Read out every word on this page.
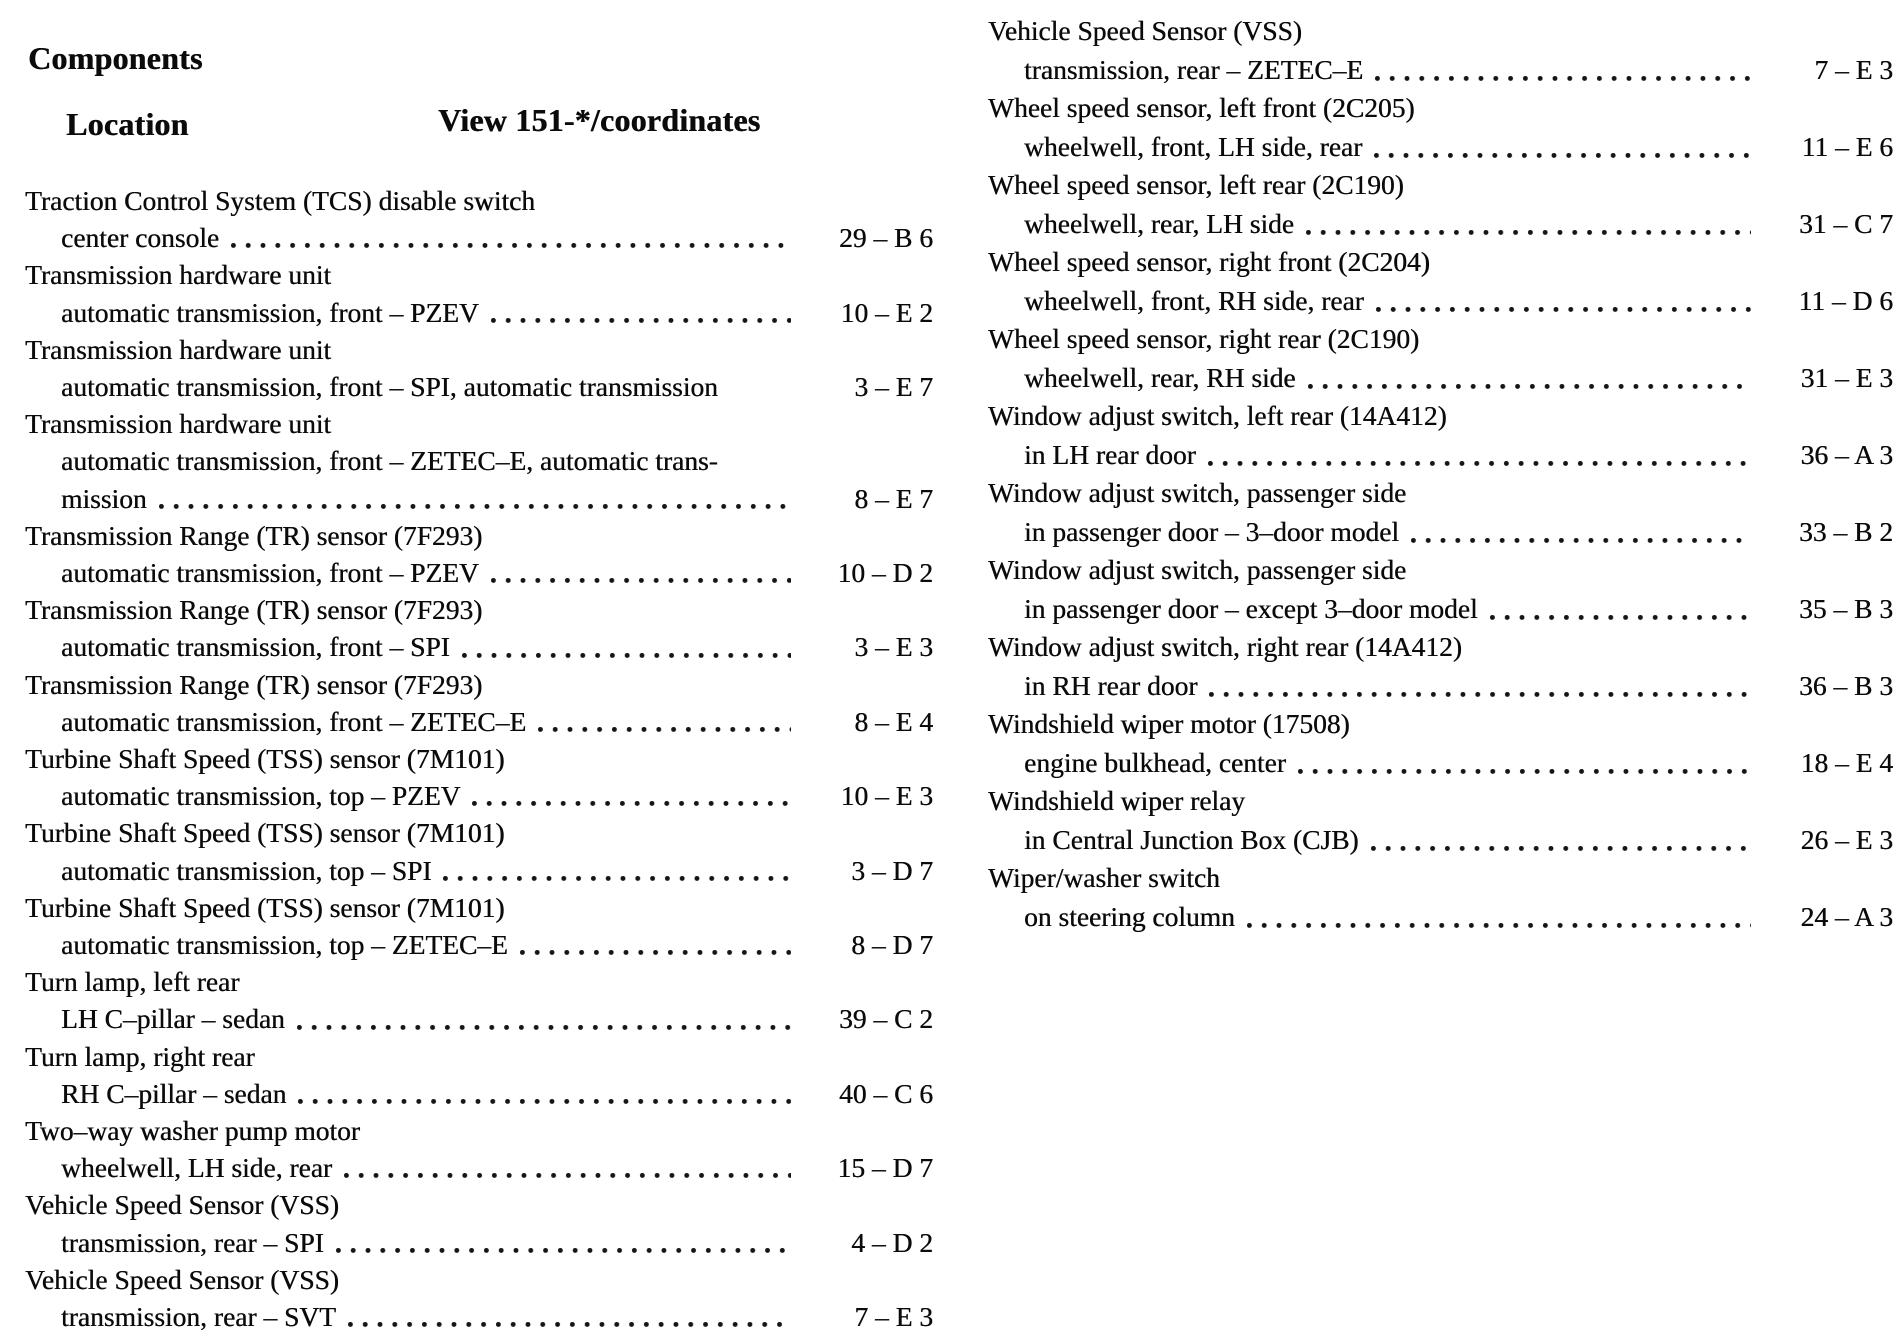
Components
Location	View 151-*/coordinates
Traction Control System (TCS) disable switch
center console	29 – B 6
Transmission hardware unit
automatic transmission, front – PZEV	10 – E 2
Transmission hardware unit
automatic transmission, front – SPI, automatic transmission	3 – E 7
Transmission hardware unit
automatic transmission, front – ZETEC–E, automatic trans-
mission	8 – E 7
Transmission Range (TR) sensor (7F293)
automatic transmission, front – PZEV	10 – D 2
Transmission Range (TR) sensor (7F293)
automatic transmission, front – SPI	3 – E 3
Transmission Range (TR) sensor (7F293)
automatic transmission, front – ZETEC–E	8 – E 4
Turbine Shaft Speed (TSS) sensor (7M101)
automatic transmission, top – PZEV	10 – E 3
Turbine Shaft Speed (TSS) sensor (7M101)
automatic transmission, top – SPI	3 – D 7
Turbine Shaft Speed (TSS) sensor (7M101)
automatic transmission, top – ZETEC–E	8 – D 7
Turn lamp, left rear
LH C–pillar – sedan	39 – C 2
Turn lamp, right rear
RH C–pillar – sedan	40 – C 6
Two–way washer pump motor
wheelwell, LH side, rear	15 – D 7
Vehicle Speed Sensor (VSS)
transmission, rear – SPI	4 – D 2
Vehicle Speed Sensor (VSS)
transmission, rear – SVT	7 – E 3
Vehicle Speed Sensor (VSS)
transmission, rear – ZETEC–E	7 – E 3
Wheel speed sensor, left front (2C205)
wheelwell, front, LH side, rear	11 – E 6
Wheel speed sensor, left rear (2C190)
wheelwell, rear, LH side	31 – C 7
Wheel speed sensor, right front (2C204)
wheelwell, front, RH side, rear	11 – D 6
Wheel speed sensor, right rear (2C190)
wheelwell, rear, RH side	31 – E 3
Window adjust switch, left rear (14A412)
in LH rear door	36 – A 3
Window adjust switch, passenger side
in passenger door – 3–door model	33 – B 2
Window adjust switch, passenger side
in passenger door – except 3–door model	35 – B 3
Window adjust switch, right rear (14A412)
in RH rear door	36 – B 3
Windshield wiper motor (17508)
engine bulkhead, center	18 – E 4
Windshield wiper relay
in Central Junction Box (CJB)	26 – E 3
Wiper/washer switch
on steering column	24 – A 3
